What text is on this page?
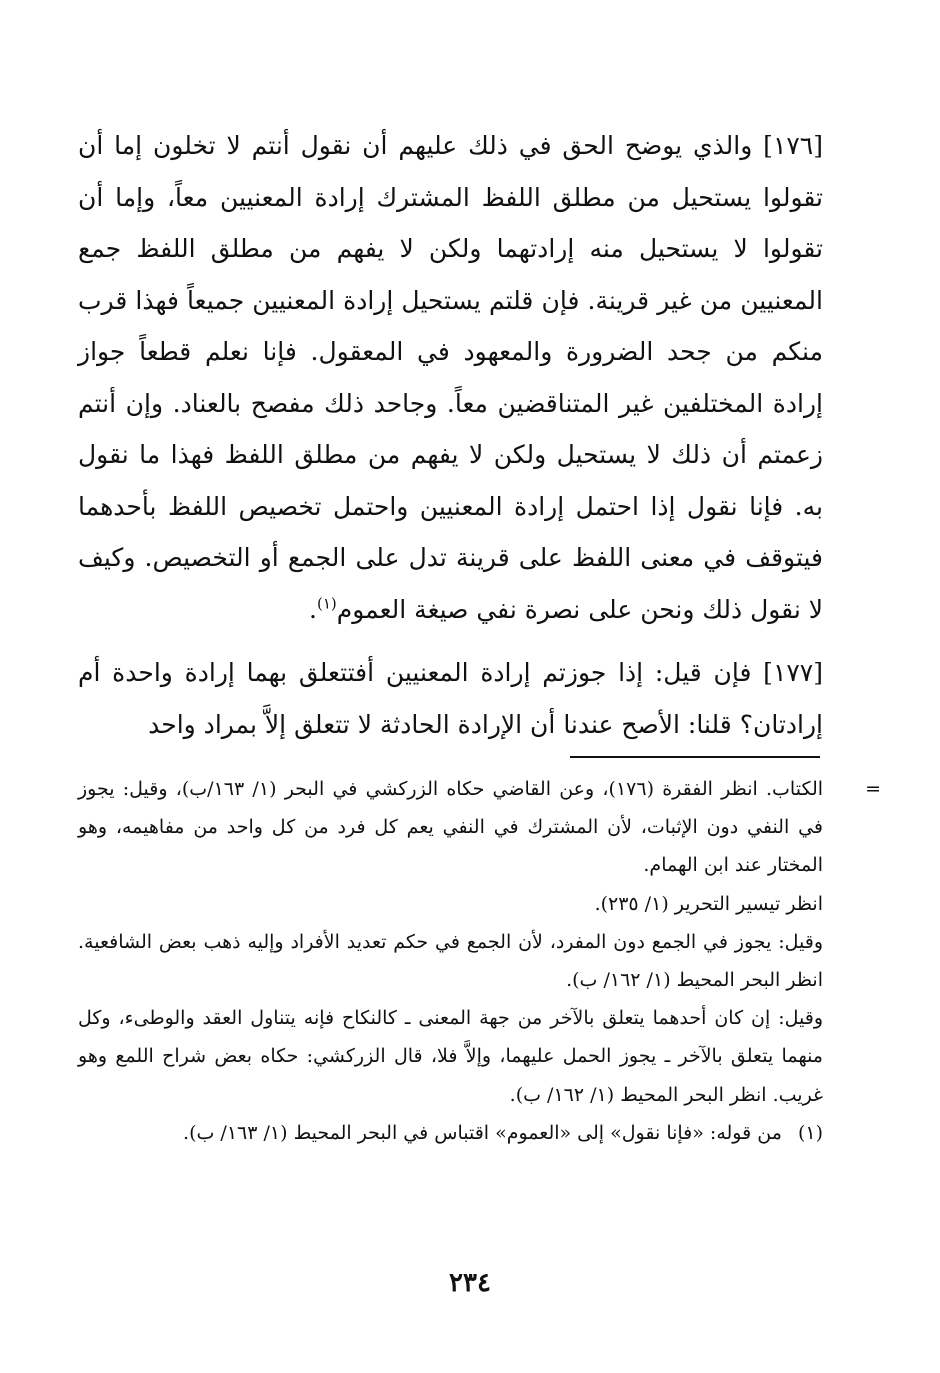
[١٧٦] والذي يوضح الحق في ذلك عليهم أن نقول أنتم لا تخلون إما أن تقولوا يستحيل من مطلق اللفظ المشترك إرادة المعنيين معاً، وإما أن تقولوا لا يستحيل منه إرادتهما ولكن لا يفهم من مطلق اللفظ جمع المعنيين من غير قرينة. فإن قلتم يستحيل إرادة المعنيين جميعاً فهذا قرب منكم من جحد الضرورة والمعهود في المعقول. فإنا نعلم قطعاً جواز إرادة المختلفين غير المتناقضين معاً. وجاحد ذلك مفصح بالعناد. وإن أنتم زعمتم أن ذلك لا يستحيل ولكن لا يفهم من مطلق اللفظ فهذا ما نقول به. فإنا نقول إذا احتمل إرادة المعنيين واحتمل تخصيص اللفظ بأحدهما فيتوقف في معنى اللفظ على قرينة تدل على الجمع أو التخصيص. وكيف لا نقول ذلك ونحن على نصرة نفي صيغة العموم$^{(١)}$.

[١٧٧] فإن قيل: إذا جوزتم إرادة المعنيين أفتتعلق بهما إرادة واحدة أم إرادتان؟ قلنا: الأصح عندنا أن الإرادة الحادثة لا تتعلق إلاَّ بمراد واحد

=
الكتاب. انظر الفقرة (١٧٦)، وعن القاضي حكاه الزركشي في البحر (١/ ١٦٣/ب)، وقيل: يجوز في النفي دون الإثبات، لأن المشترك في النفي يعم كل فرد من كل واحد من مفاهيمه، وهو المختار عند ابن الهمام.

انظر تيسير التحرير (١/ ٢٣٥).

وقيل: يجوز في الجمع دون المفرد، لأن الجمع في حكم تعديد الأفراد وإليه ذهب بعض الشافعية. انظر البحر المحيط (١/ ١٦٢/ ب).

وقيل: إن كان أحدهما يتعلق بالآخر من جهة المعنى ـ كالنكاح فإنه يتناول العقد والوطىء، وكل منهما يتعلق بالآخر ـ يجوز الحمل عليهما، وإلاَّ فلا، قال الزركشي: حكاه بعض شراح اللمع وهو غريب. انظر البحر المحيط (١/ ١٦٢/ ب).

(١) من قوله: «فإنا نقول» إلى «العموم» اقتباس في البحر المحيط (١/ ١٦٣/ ب).

٢٣٤
